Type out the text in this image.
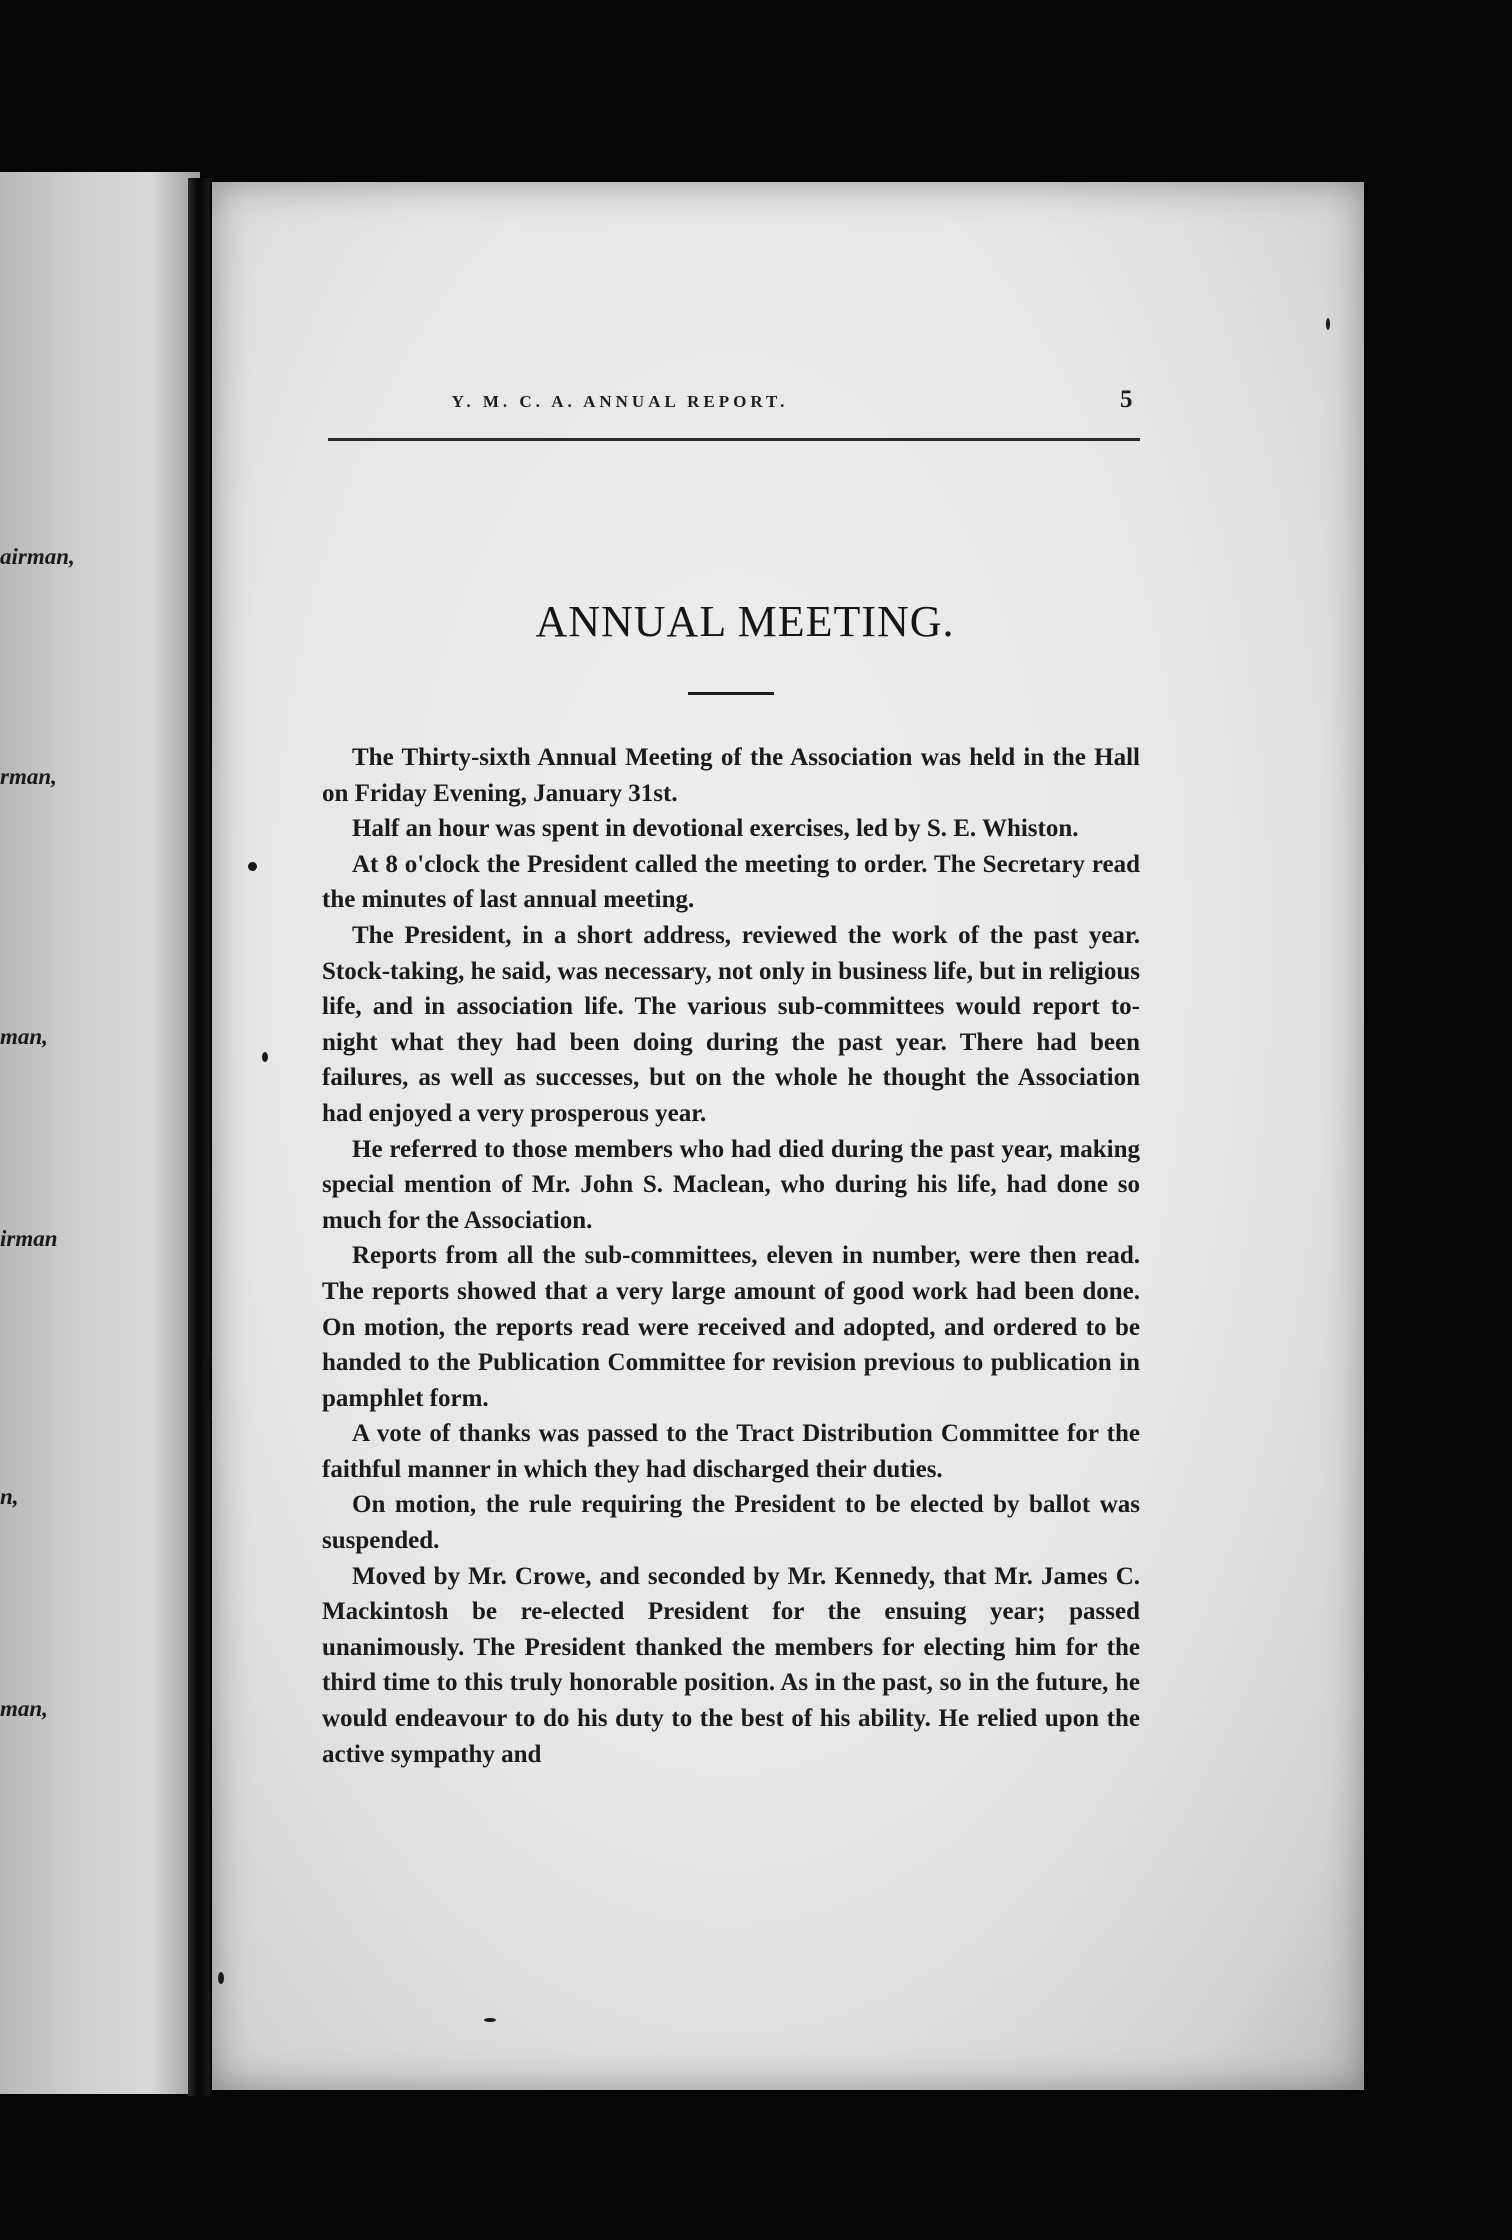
airman,
rman,
man,
irman
n,
man,
Y. M. C. A. ANNUAL REPORT.	5
ANNUAL MEETING.

The Thirty-sixth Annual Meeting of the Association was held in the Hall on Friday Evening, January 31st.

Half an hour was spent in devotional exercises, led by S. E. Whiston.

At 8 o'clock the President called the meeting to order. The Secretary read the minutes of last annual meeting.

The President, in a short address, reviewed the work of the past year. Stock-taking, he said, was necessary, not only in business life, but in religious life, and in association life. The various sub-committees would report to-night what they had been doing during the past year. There had been failures, as well as successes, but on the whole he thought the Association had enjoyed a very prosperous year.

He referred to those members who had died during the past year, making special mention of Mr. John S. Maclean, who during his life, had done so much for the Association.

Reports from all the sub-committees, eleven in number, were then read. The reports showed that a very large amount of good work had been done. On motion, the reports read were received and adopted, and ordered to be handed to the Publication Committee for revision previous to publication in pamphlet form.

A vote of thanks was passed to the Tract Distribution Committee for the faithful manner in which they had discharged their duties.

On motion, the rule requiring the President to be elected by ballot was suspended.

Moved by Mr. Crowe, and seconded by Mr. Kennedy, that Mr. James C. Mackintosh be re-elected President for the ensuing year; passed unanimously. The President thanked the members for electing him for the third time to this truly honorable position. As in the past, so in the future, he would endeavour to do his duty to the best of his ability. He relied upon the active sympathy and
